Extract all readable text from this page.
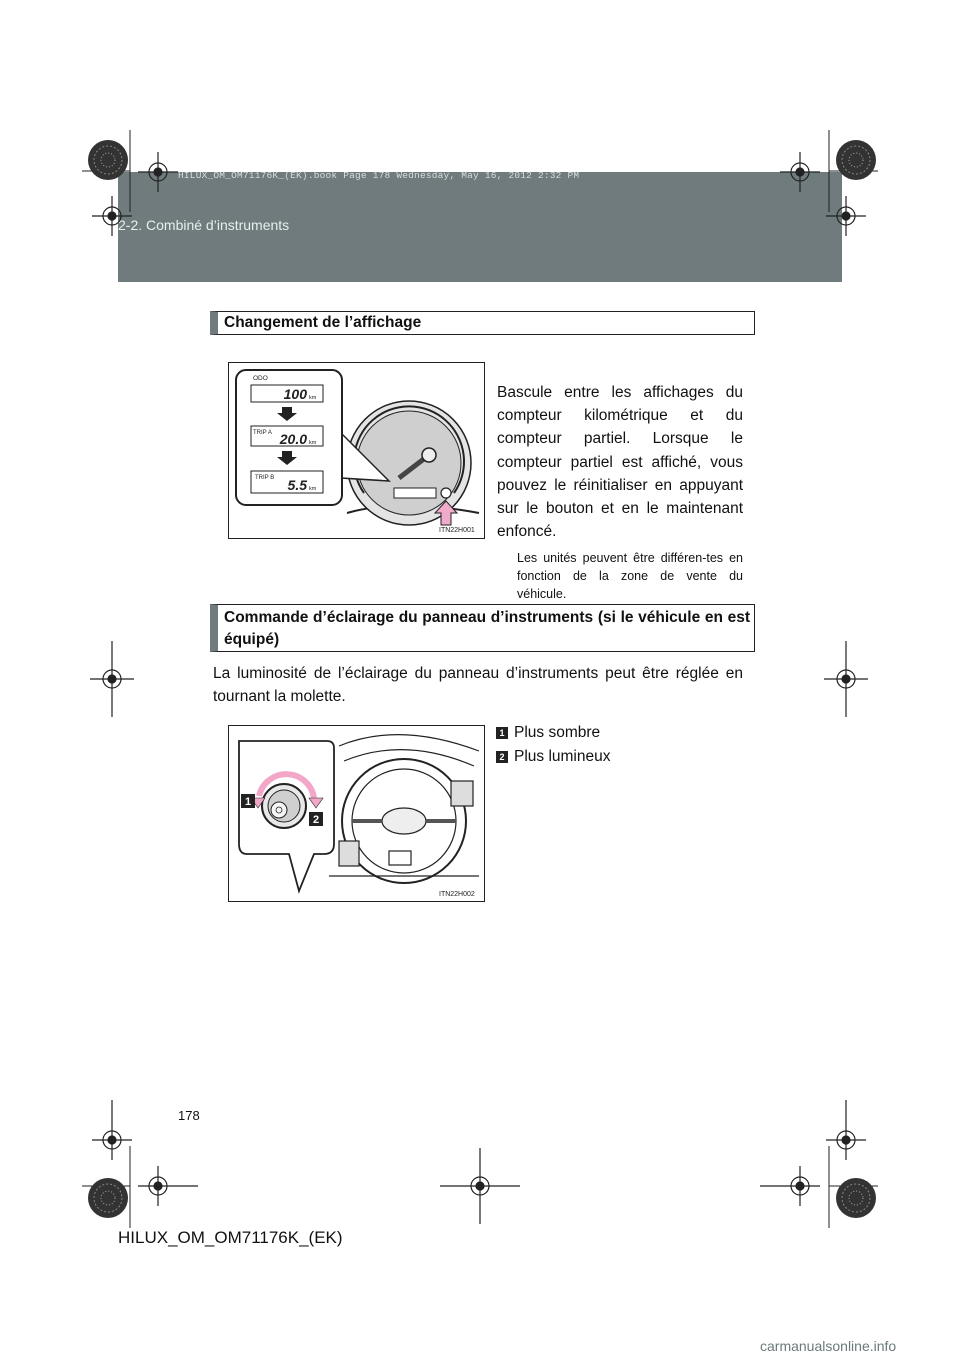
HILUX_OM_OM71176K_(EK).book Page 178 Wednesday, May 16, 2012 2:32 PM
2-2. Combiné d’instruments
Changement de l’affichage
ODO
100 km
TRIP A 20.0 km
TRIP B 5.5 km
ITN22H001
Bascule entre les affichages du compteur kilométrique et du compteur partiel. Lorsque le compteur partiel est affiché, vous pouvez le réinitialiser en appuyant sur le bouton et en le maintenant enfoncé.
Les unités peuvent être différen-tes en fonction de la zone de vente du véhicule.
Commande d’éclairage du panneau d’instruments (si le véhicule en est équipé)
La luminosité de l’éclairage du panneau d’instruments peut être réglée en tournant la molette.
1
2
ITN22H002
1 Plus sombre
2 Plus lumineux
178
HILUX_OM_OM71176K_(EK)
carmanualsonline.info
